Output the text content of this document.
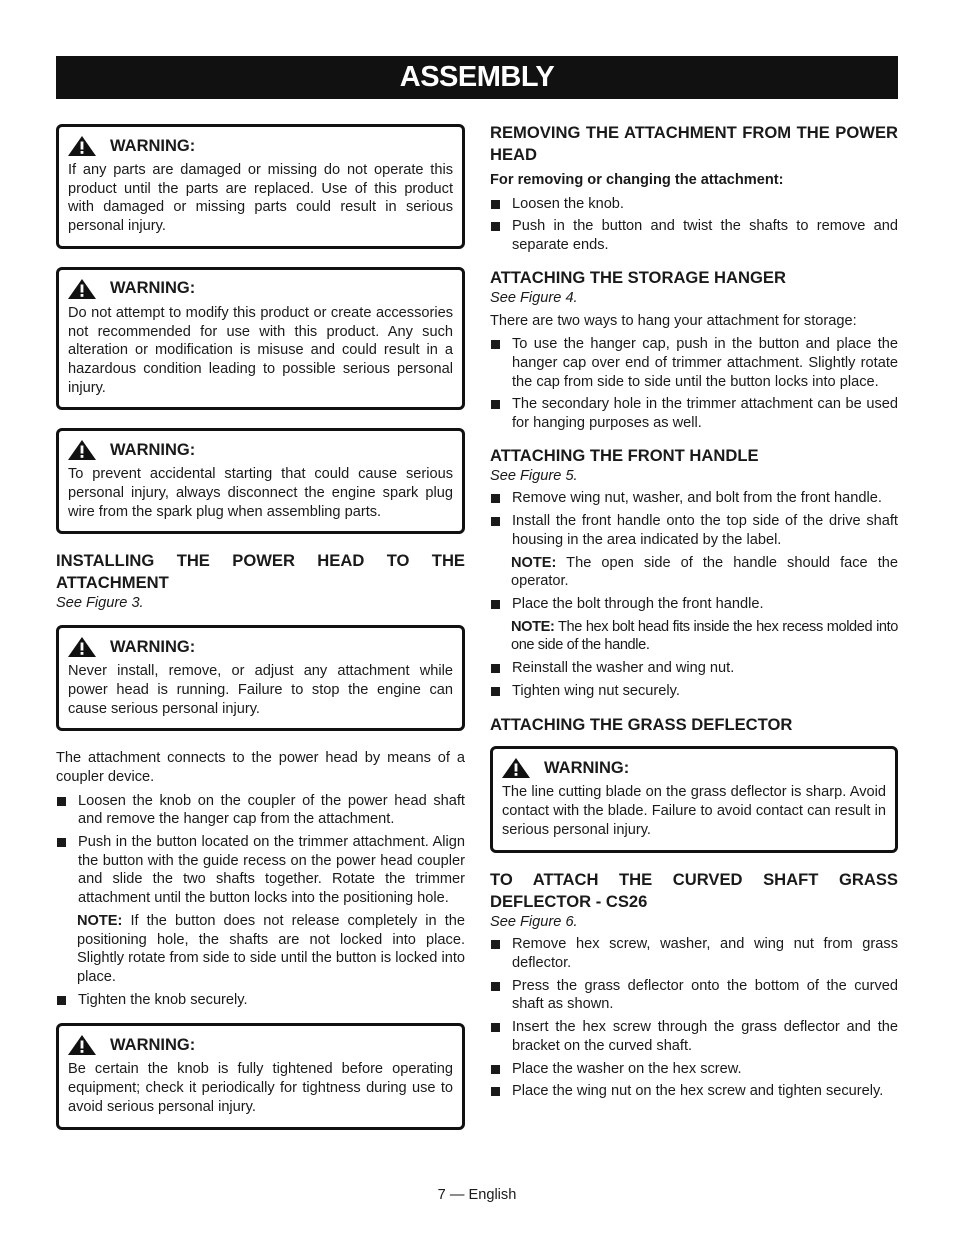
ASSEMBLY
WARNING:
If any parts are damaged or missing do not operate this product until the parts are replaced. Use of this product with damaged or missing parts could result in serious personal injury.
WARNING:
Do not attempt to modify this product or create accessories not recommended for use with this product. Any such alteration or modification is misuse and could result in a hazardous condition leading to possible serious personal injury.
WARNING:
To prevent accidental starting that could cause serious personal injury, always disconnect the engine spark plug wire from the spark plug when assembling parts.
INSTALLING THE POWER HEAD TO THE ATTACHMENT
See Figure 3.
WARNING:
Never install, remove, or adjust any attachment while power head is running. Failure to stop the engine can cause serious personal injury.

The attachment connects to the power head by means of a coupler device.

Loosen the knob on the coupler of the power head shaft and remove the hanger cap from the attachment.
Push in the button located on the trimmer attachment. Align the button with the guide recess on the power head coupler and slide the two shafts together. Rotate the trimmer attachment until the button locks into the positioning hole.
NOTE: If the button does not release completely in the positioning hole, the shafts are not locked into place. Slightly rotate from side to side until the button is locked into place.
Tighten the knob securely.
WARNING:
Be certain the knob is fully tightened before operating equipment; check it periodically for tightness during use to avoid serious personal injury.
REMOVING THE ATTACHMENT FROM THE POWER HEAD

For removing or changing the attachment:

Loosen the knob.
Push in the button and twist the shafts to remove and separate ends.
ATTACHING THE STORAGE HANGER
See Figure 4.

There are two ways to hang your attachment for storage:

To use the hanger cap, push in the button and place the hanger cap over end of trimmer attachment. Slightly rotate the cap from side to side until the button locks into place.
The secondary hole in the trimmer attachment can be used for hanging purposes as well.
ATTACHING THE FRONT HANDLE
See Figure 5.
Remove wing nut, washer, and bolt from the front handle.
Install the front handle onto the top side of the drive shaft housing in the area indicated by the label.
NOTE: The open side of the handle should face the operator.
Place the bolt through the front handle.
NOTE: The hex bolt head fits inside the hex recess molded into one side of the handle.
Reinstall the washer and wing nut.
Tighten wing nut securely.
ATTACHING THE GRASS DEFLECTOR
WARNING:
The line cutting blade on the grass deflector is sharp. Avoid contact with the blade. Failure to avoid contact can result in serious personal injury.
TO ATTACH THE CURVED SHAFT GRASS DEFLECTOR - CS26
See Figure 6.
Remove hex screw, washer, and wing nut from grass deflector.
Press the grass deflector onto the bottom of the curved shaft as shown.
Insert the hex screw through the grass deflector and the bracket on the curved shaft.
Place the washer on the hex screw.
Place the wing nut on the hex screw and tighten securely.
7 — English
